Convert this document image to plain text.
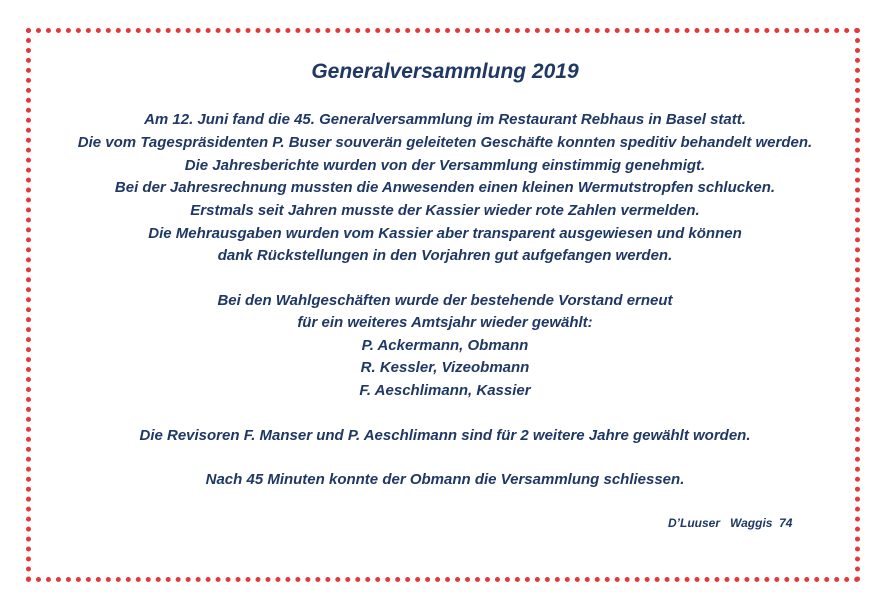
Generalversammlung 2019
Am 12. Juni fand die 45. Generalversammlung im Restaurant Rebhaus in Basel statt.
Die vom Tagespräsidenten P. Buser souverän geleiteten Geschäfte konnten speditiv behandelt werden.
Die Jahresberichte wurden von der Versammlung einstimmig genehmigt.
Bei der Jahresrechnung mussten die Anwesenden einen kleinen Wermutstropfen schlucken.
Erstmals seit Jahren musste der Kassier wieder rote Zahlen vermelden.
Die Mehrausgaben wurden vom Kassier aber transparent ausgewiesen und können
dank Rückstellungen in den Vorjahren gut aufgefangen werden.
Bei den Wahlgeschäften wurde der bestehende Vorstand erneut
für ein weiteres Amtsjahr wieder gewählt:
P. Ackermann, Obmann
R. Kessler, Vizeobmann
F. Aeschlimann, Kassier
Die Revisoren F. Manser und P. Aeschlimann sind für 2 weitere Jahre gewählt worden.
Nach 45 Minuten konnte der Obmann die Versammlung schliessen.
D’Luuser   Waggis  74
